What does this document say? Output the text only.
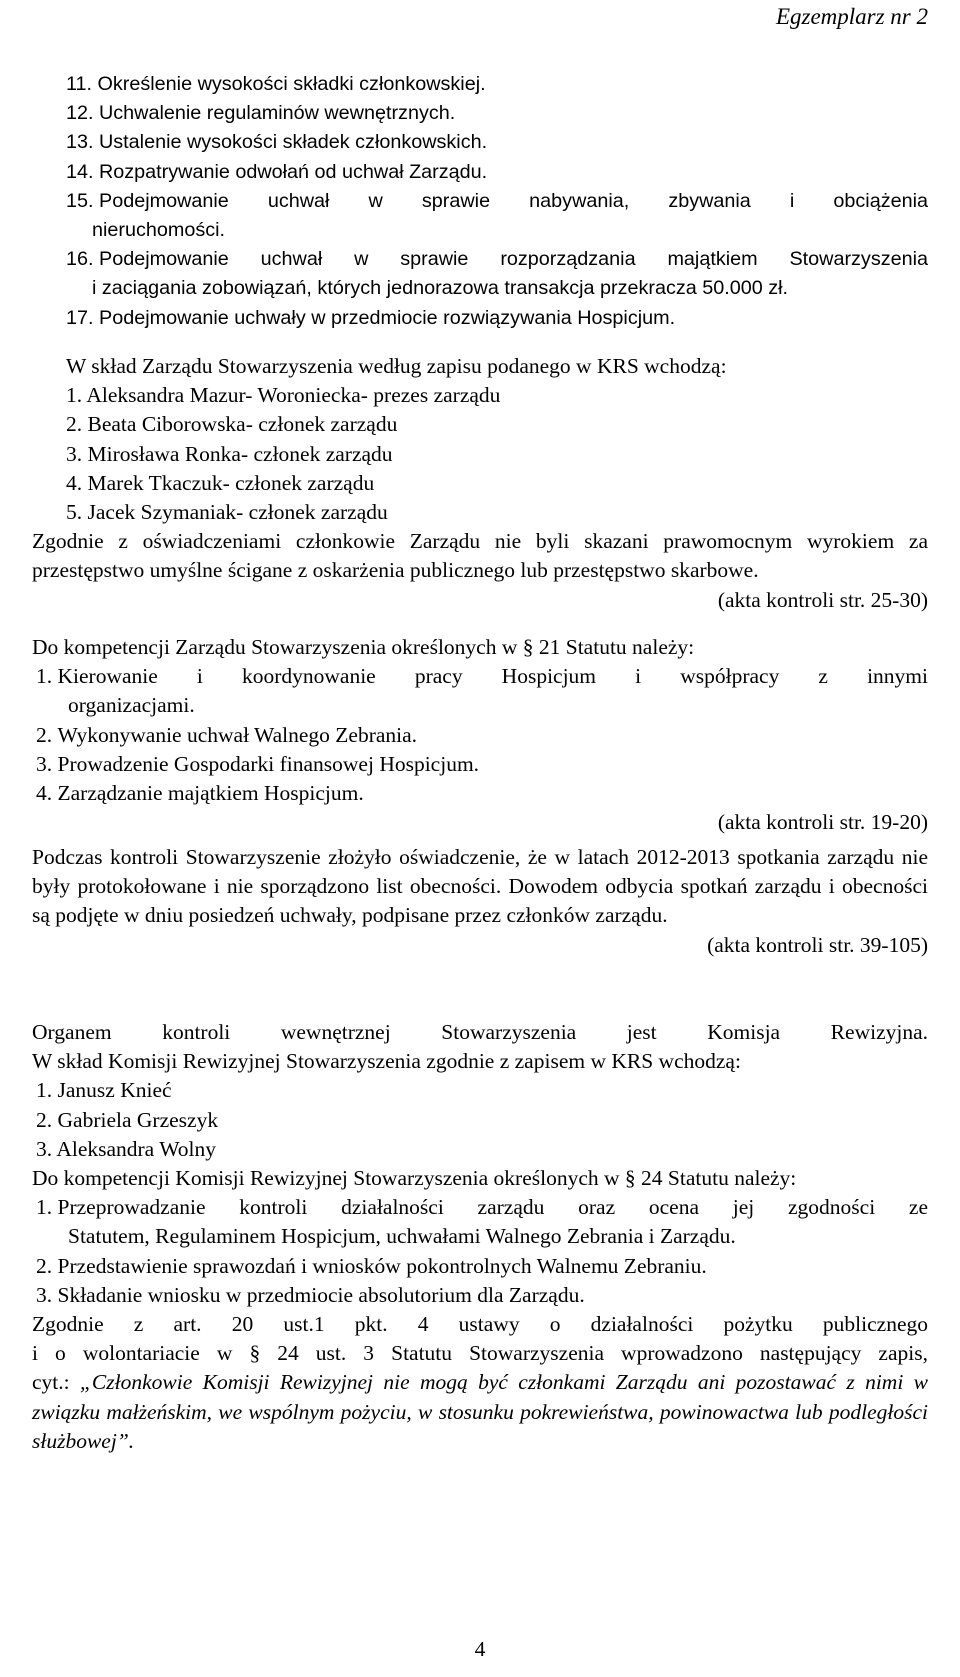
Egzemplarz nr 2
11.
Określenie wysokości składki członkowskiej.
12.
Uchwalenie regulaminów wewnętrznych.
13.
Ustalenie wysokości składek członkowskich.
14.
Rozpatrywanie odwołań od uchwał Zarządu.
15.
Podejmowanie uchwał w sprawie nabywania, zbywania i obciążenia
nieruchomości.
16.
Podejmowanie uchwał w sprawie rozporządzania majątkiem Stowarzyszenia
i zaciągania zobowiązań, których jednorazowa transakcja przekracza 50.000 zł.
17.
Podejmowanie uchwały w przedmiocie rozwiązywania Hospicjum.

W skład Zarządu Stowarzyszenia według zapisu podanego w KRS wchodzą:

1. Aleksandra Mazur- Woroniecka- prezes zarządu

2. Beata Ciborowska- członek zarządu

3. Mirosława Ronka- członek zarządu

4. Marek Tkaczuk- członek zarządu

5. Jacek Szymaniak- członek zarządu

Zgodnie z oświadczeniami członkowie Zarządu nie byli skazani prawomocnym wyrokiem za przestępstwo umyślne ścigane z oskarżenia publicznego lub przestępstwo skarbowe.

(akta kontroli str. 25-30)

Do kompetencji Zarządu Stowarzyszenia określonych w § 21 Statutu należy:

1.
Kierowanie i koordynowanie pracy Hospicjum i współpracy z innymi
organizacjami.
2.
Wykonywanie uchwał Walnego Zebrania.
3.
Prowadzenie Gospodarki finansowej Hospicjum.
4.
Zarządzanie majątkiem Hospicjum.

(akta kontroli str. 19-20)

Podczas kontroli Stowarzyszenie złożyło oświadczenie, że w latach 2012-2013 spotkania zarządu nie były protokołowane i nie sporządzono list obecności. Dowodem odbycia spotkań zarządu i obecności są podjęte w dniu posiedzeń uchwały, podpisane przez członków zarządu.

(akta kontroli str. 39-105)

Organem kontroli wewnętrznej Stowarzyszenia jest Komisja Rewizyjna.

W skład Komisji Rewizyjnej Stowarzyszenia zgodnie z zapisem w KRS wchodzą:

1. Janusz Knieć

2. Gabriela Grzeszyk

3. Aleksandra Wolny

Do kompetencji Komisji Rewizyjnej Stowarzyszenia określonych w § 24 Statutu należy:

1.
Przeprowadzanie kontroli działalności zarządu oraz ocena jej zgodności ze
Statutem, Regulaminem Hospicjum, uchwałami Walnego Zebrania i Zarządu.
2.
Przedstawienie sprawozdań i wniosków pokontrolnych Walnemu Zebraniu.
3.
Składanie wniosku w przedmiocie absolutorium dla Zarządu.

Zgodnie z art. 20 ust.1 pkt. 4 ustawy o działalności pożytku publicznego

i o wolontariacie w § 24 ust. 3 Statutu Stowarzyszenia wprowadzono następujący zapis,

cyt.: „Członkowie Komisji Rewizyjnej nie mogą być członkami Zarządu ani pozostawać z nimi w związku małżeńskim, we wspólnym pożyciu, w stosunku pokrewieństwa, powinowactwa lub podległości służbowej”.

4
